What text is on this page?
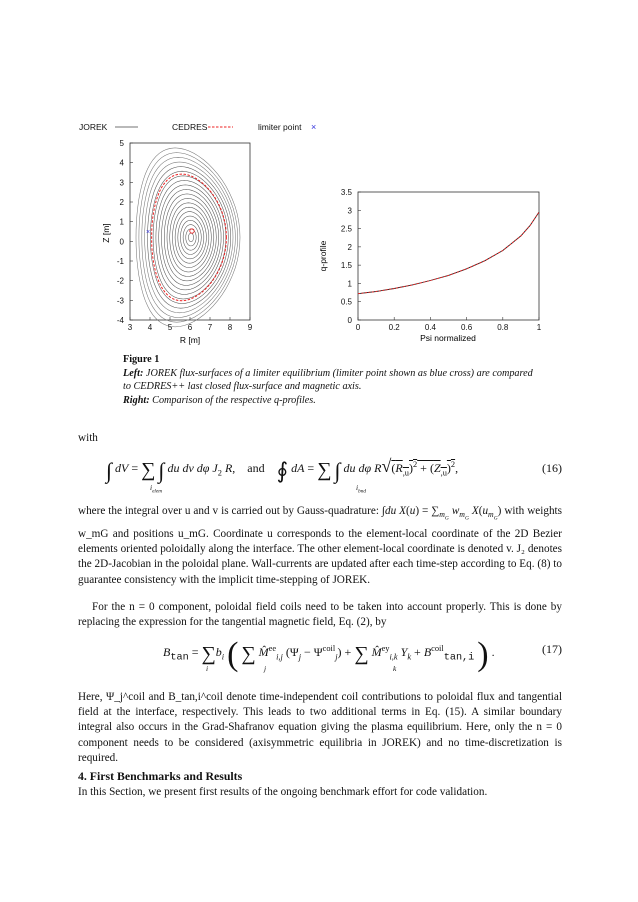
JOREK	CEDRES	limiter point ×
3 4 5 6 7 8 9
-4
-3
-2
-1
0
1
2
3
4
5
×
R [m]
Z [m]
0	0.2	0.4	0.6	0.8	1
0
0.5
1
1.5
2
2.5
3
3.5
Psi normalized
q-profile
Figure 1
Left: JOREK flux-surfaces of a limiter equilibrium (limiter point shown as blue cross) are compared to CEDRES++ last closed flux-surface and magnetic axis.
Right: Comparison of the respective q-profiles.
with
∫ dV = ∑ ∫ du dv dφ $J_2$ R,    and    ∮ dA = ∑ ∫ du dφ $R√(R_{,u})^2 + (Z_{,u})^2$,
$i_{elem}$	$i_{bnd}$
(16)
where the integral over u and v is carried out by Gauss-quadrature: ∫du $X(u) = \sum_{m_G}$ $w_{m_G}$ $X(u_{m_G})$ with weights w_mG and positions u_mG. Coordinate u corresponds to the element-local coordinate of the 2D Bezier elements oriented poloidally along the interface. The other element-local coordinate is denoted v. J₂ denotes the 2D-Jacobian in the poloidal plane. Wall-currents are updated after each time-step according to Eq. (8) to guarantee consistency with the implicit time-stepping of JOREK.
For the n = 0 component, poloidal field coils need to be taken into account properly. This is done by replacing the expression for the tangential magnetic field, Eq. (2), by
$B_{tan} = \sum b_i$ ( ∑ M̂$^{ee}_{i,j}$ $(\Psi_j - \Psi^{coil}_j)$ + ∑ M̂$^{ey}_{i,k}$ $Y_k + B^{coil}_{tan,i}$ ) .
i	j	k
(17)
Here, Ψ_j^coil and B_tan,i^coil denote time-independent coil contributions to poloidal flux and tangential field at the interface, respectively. This leads to two additional terms in Eq. (15). A similar boundary integral also occurs in the Grad-Shafranov equation giving the plasma equilibrium. Here, only the n = 0 component needs to be considered (axisymmetric equilibria in JOREK) and no time-discretization is required.
4. First Benchmarks and Results
In this Section, we present first results of the ongoing benchmark effort for code validation.
